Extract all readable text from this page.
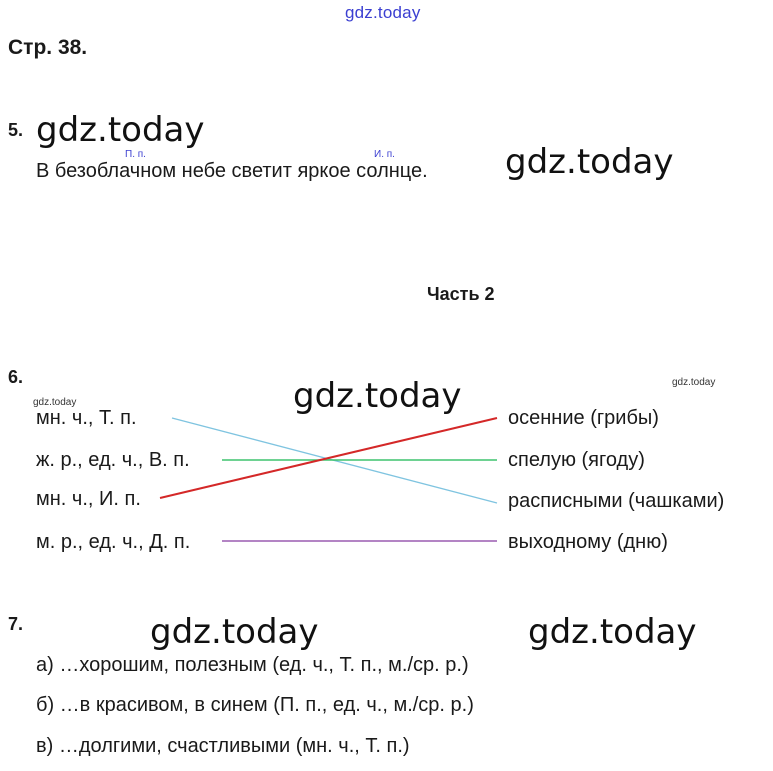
gdz.today
Стр. 38.
5. gdz.today
П. п.	И. п.
В безоблачном небе светит яркое солнце. gdz.today
Часть 2
6.
gdz.today
gdz.today
gdz.today
мн. ч., Т. п.
ж. р., ед. ч., В. п.
мн. ч., И. п.
м. р., ед. ч., Д. п.
осенние (грибы)
спелую (ягоду)
расписными (чашками)
выходному (дню)
7.	gdz.today	gdz.today
а) …хорошим, полезным (ед. ч., Т. п., м./ср. р.)
б) …в красивом, в синем (П. п., ед. ч., м./ср. р.)
в) …долгими, счастливыми (мн. ч., Т. п.)
